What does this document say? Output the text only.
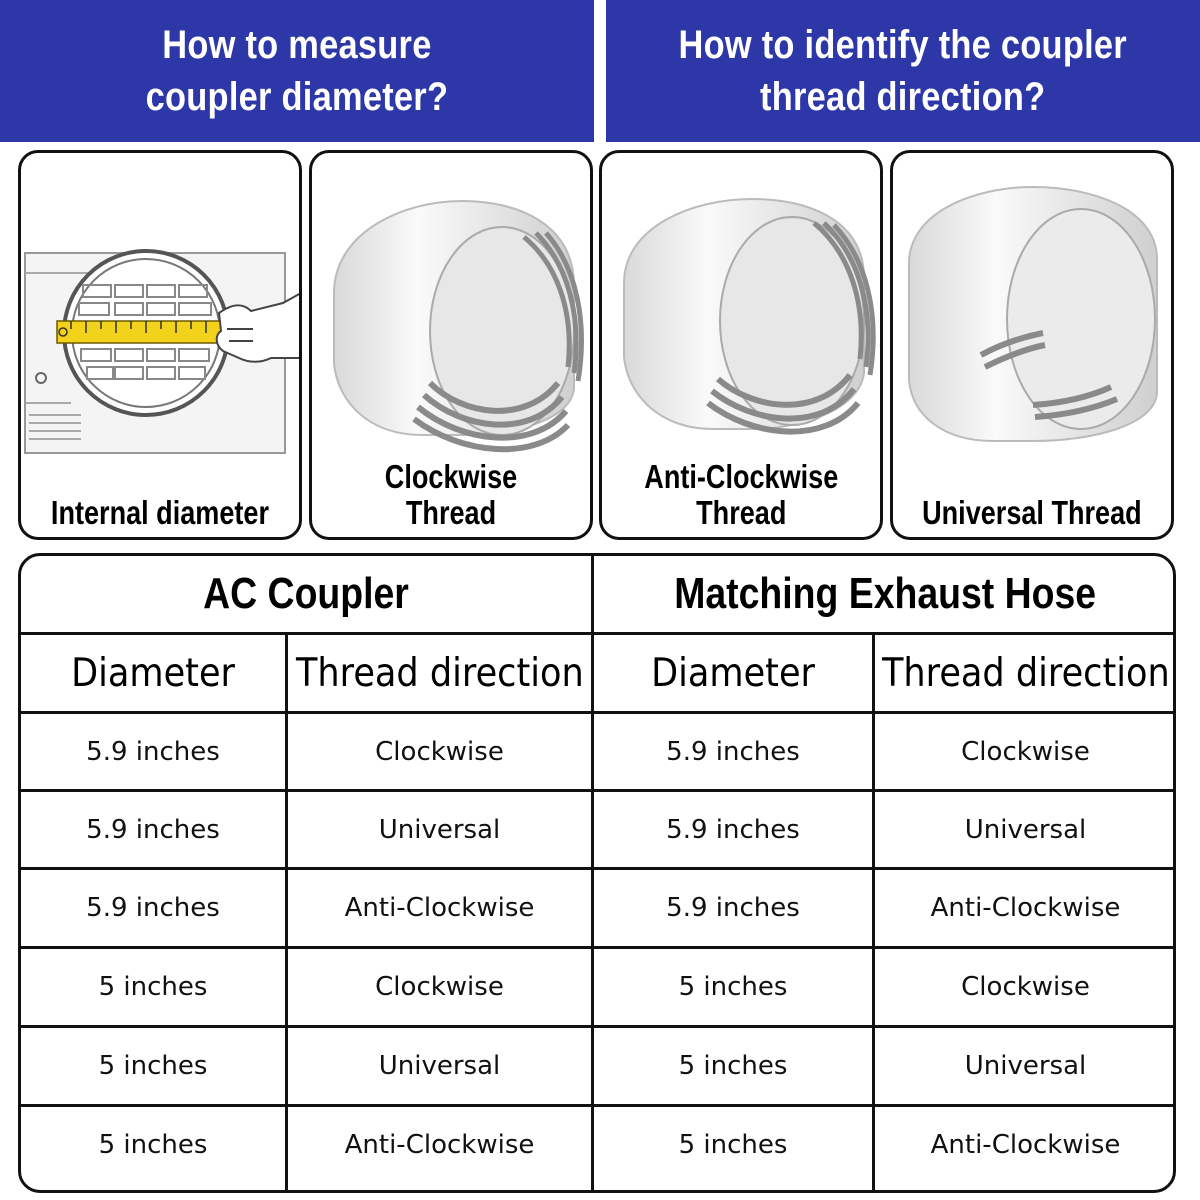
How to measure
coupler diameter?
How to identify the coupler
thread direction?
Internal diameter
Clockwise Thread
Anti-Clockwise
Thread	Universal Thread
AC Coupler	Matching Exhaust Hose
Diameter Thread direction Diameter Thread direction
5.9 inches	Clockwise	5.9 inches	Clockwise
5.9 inches	Universal	5.9 inches	Universal
5.9 inches	Anti-Clockwise	5.9 inches	Anti-Clockwise
5 inches	Clockwise	5 inches	Clockwise
5 inches	Universal	5 inches	Universal
5 inches	Anti-Clockwise	5 inches	Anti-Clockwise
